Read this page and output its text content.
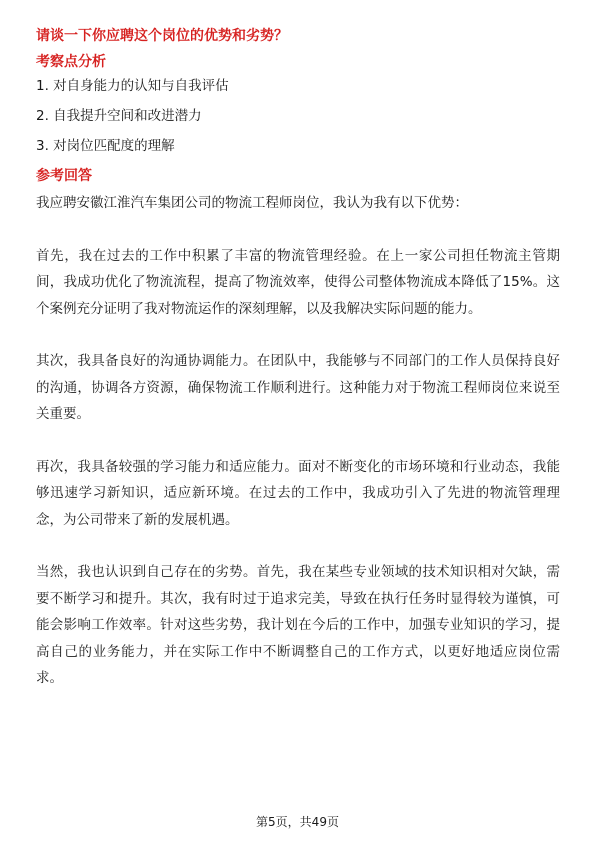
请谈一下你应聘这个岗位的优势和劣势？
考察点分析
1. 对自身能力的认知与自我评估
2. 自我提升空间和改进潜力
3. 对岗位匹配度的理解
参考回答

我应聘安徽江淮汽车集团公司的物流工程师岗位，我认为我有以下优势：

首先，我在过去的工作中积累了丰富的物流管理经验。在上一家公司担任物流主管期间，我成功优化了物流流程，提高了物流效率，使得公司整体物流成本降低了15%。这个案例充分证明了我对物流运作的深刻理解，以及我解决实际问题的能力。

其次，我具备良好的沟通协调能力。在团队中，我能够与不同部门的工作人员保持良好的沟通，协调各方资源，确保物流工作顺利进行。这种能力对于物流工程师岗位来说至关重要。

再次，我具备较强的学习能力和适应能力。面对不断变化的市场环境和行业动态，我能够迅速学习新知识，适应新环境。在过去的工作中，我成功引入了先进的物流管理理念，为公司带来了新的发展机遇。

当然，我也认识到自己存在的劣势。首先，我在某些专业领域的技术知识相对欠缺，需要不断学习和提升。其次，我有时过于追求完美，导致在执行任务时显得较为谨慎，可能会影响工作效率。针对这些劣势，我计划在今后的工作中，加强专业知识的学习，提高自己的业务能力，并在实际工作中不断调整自己的工作方式，以更好地适应岗位需求。

第5页，共49页
